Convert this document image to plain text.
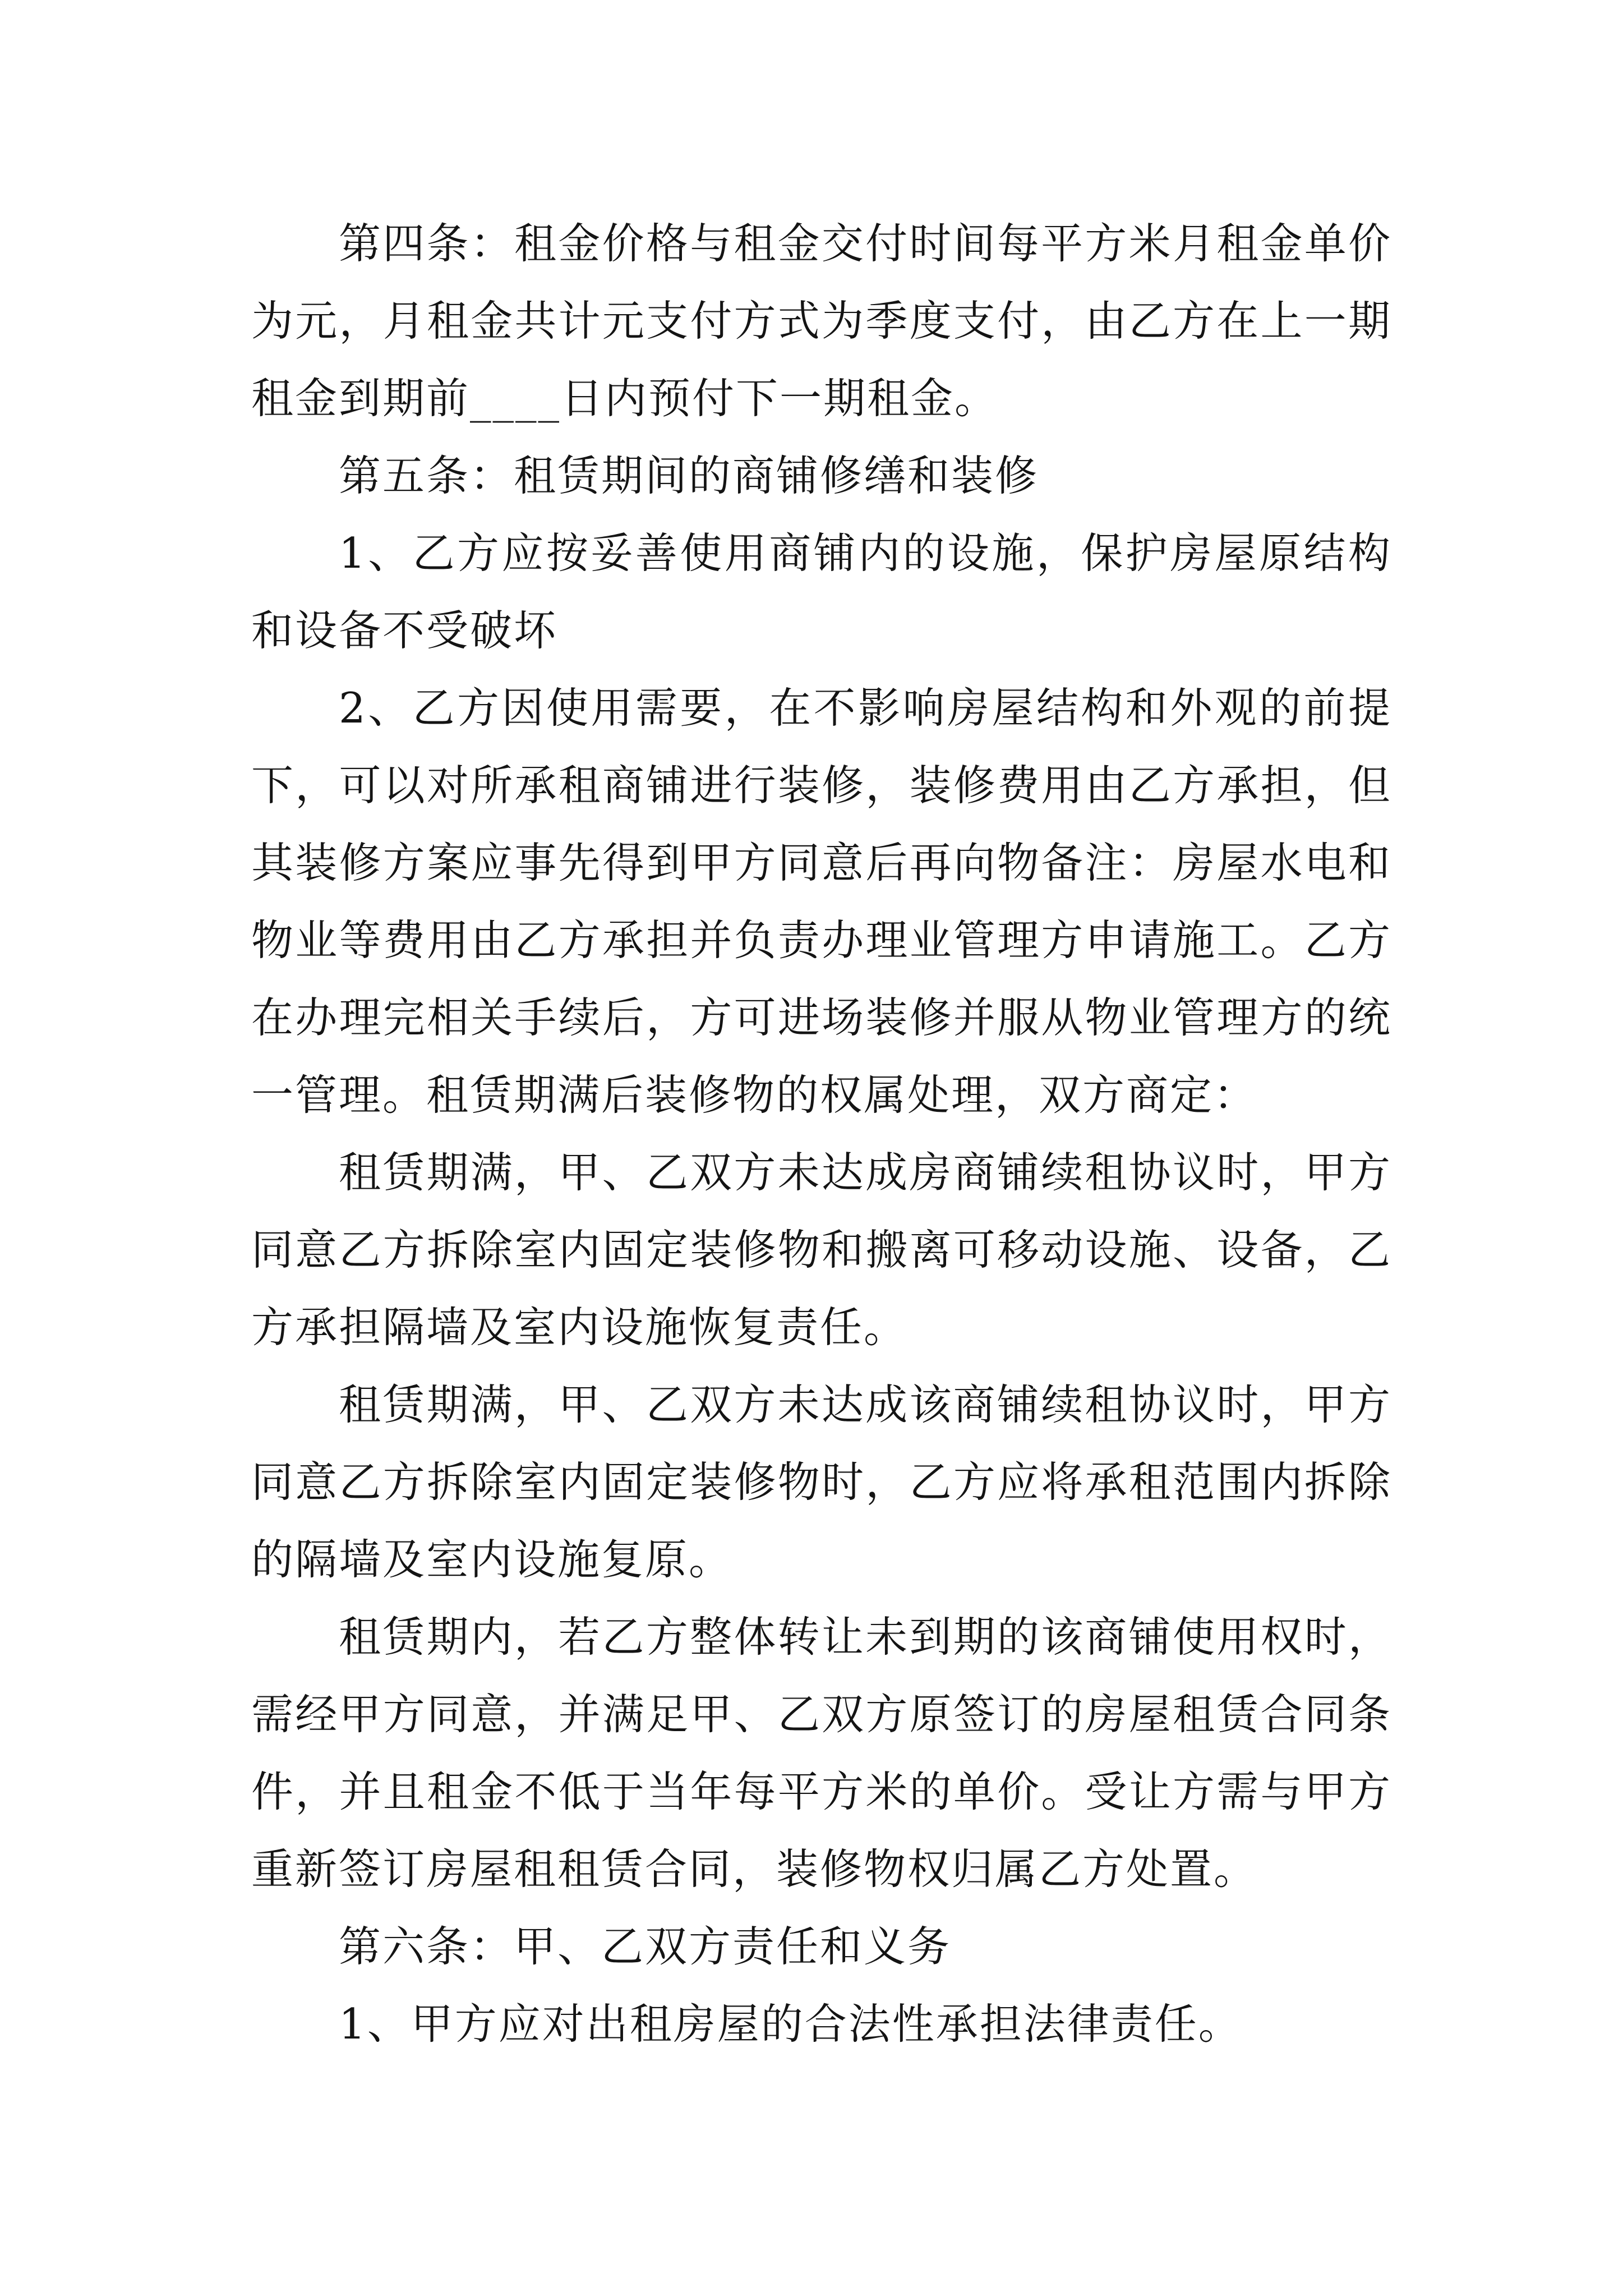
第四条：租金价格与租金交付时间每平方米月租金单价
为元，月租金共计元支付方式为季度支付，由乙方在上一期
租金到期前____日内预付下一期租金。
第五条：租赁期间的商铺修缮和装修
1、乙方应按妥善使用商铺内的设施，保护房屋原结构
和设备不受破坏
2、乙方因使用需要，在不影响房屋结构和外观的前提
下，可以对所承租商铺进行装修，装修费用由乙方承担，但
其装修方案应事先得到甲方同意后再向物备注：房屋水电和
物业等费用由乙方承担并负责办理业管理方申请施工。乙方
在办理完相关手续后，方可进场装修并服从物业管理方的统
一管理。租赁期满后装修物的权属处理，双方商定：
租赁期满，甲、乙双方未达成房商铺续租协议时，甲方
同意乙方拆除室内固定装修物和搬离可移动设施、设备，乙
方承担隔墙及室内设施恢复责任。
租赁期满，甲、乙双方未达成该商铺续租协议时，甲方
同意乙方拆除室内固定装修物时，乙方应将承租范围内拆除
的隔墙及室内设施复原。
租赁期内，若乙方整体转让未到期的该商铺使用权时，
需经甲方同意，并满足甲、乙双方原签订的房屋租赁合同条
件，并且租金不低于当年每平方米的单价。受让方需与甲方
重新签订房屋租租赁合同，装修物权归属乙方处置。
第六条：甲、乙双方责任和义务
1、甲方应对出租房屋的合法性承担法律责任。
